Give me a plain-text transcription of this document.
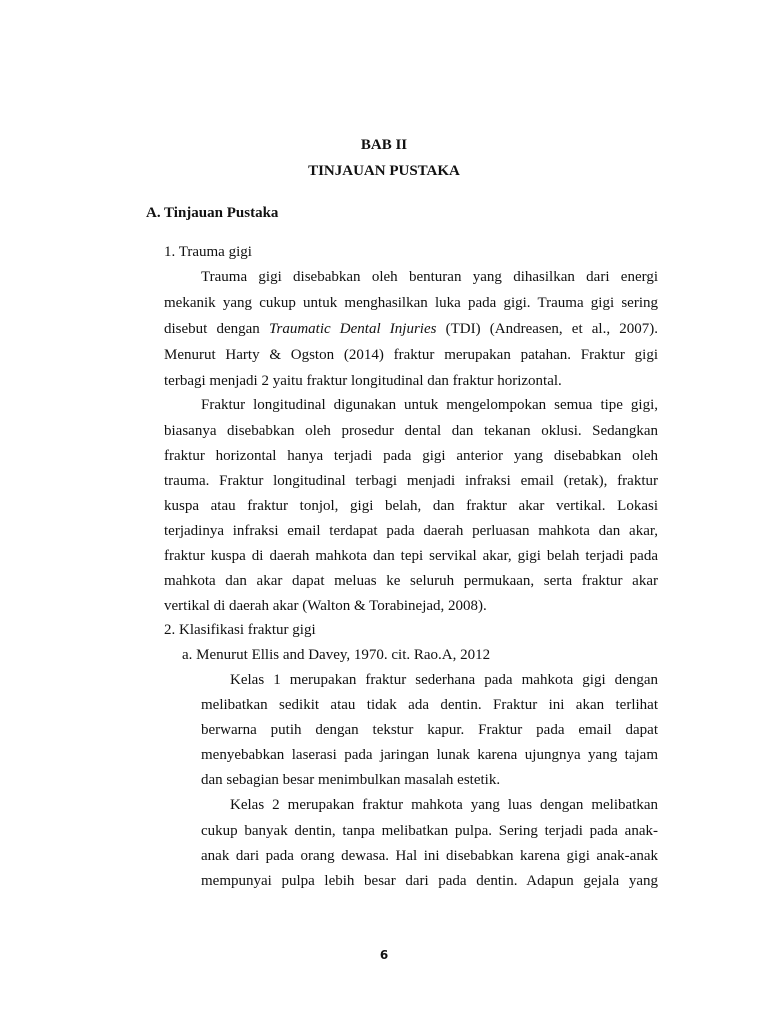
BAB II
TINJAUAN PUSTAKA
A. Tinjauan Pustaka
1. Trauma gigi
Trauma gigi disebabkan oleh benturan yang dihasilkan dari energi
mekanik yang cukup untuk menghasilkan luka pada gigi. Trauma gigi sering
disebut dengan Traumatic Dental Injuries (TDI) (Andreasen, et al., 2007).
Menurut Harty & Ogston (2014) fraktur merupakan patahan. Fraktur gigi
terbagi menjadi 2 yaitu fraktur longitudinal dan fraktur horizontal.
Fraktur longitudinal digunakan untuk mengelompokan semua tipe gigi,
biasanya disebabkan oleh prosedur dental dan tekanan oklusi. Sedangkan
fraktur horizontal hanya terjadi pada gigi anterior yang disebabkan oleh
trauma. Fraktur longitudinal terbagi menjadi infraksi email (retak), fraktur
kuspa atau fraktur tonjol, gigi belah, dan fraktur akar vertikal. Lokasi
terjadinya infraksi email terdapat pada daerah perluasan mahkota dan akar,
fraktur kuspa di daerah mahkota dan tepi servikal akar, gigi belah terjadi pada
mahkota dan akar dapat meluas ke seluruh permukaan, serta fraktur akar
vertikal di daerah akar (Walton & Torabinejad, 2008).
2. Klasifikasi fraktur gigi
a. Menurut Ellis and Davey, 1970. cit. Rao.A, 2012
Kelas 1 merupakan fraktur sederhana pada mahkota gigi dengan
melibatkan sedikit atau tidak ada dentin. Fraktur ini akan terlihat
berwarna putih dengan tekstur kapur. Fraktur pada email dapat
menyebabkan laserasi pada jaringan lunak karena ujungnya yang tajam
dan sebagian besar menimbulkan masalah estetik.
Kelas 2 merupakan fraktur mahkota yang luas dengan melibatkan
cukup banyak dentin, tanpa melibatkan pulpa. Sering terjadi pada anak-
anak dari pada orang dewasa. Hal ini disebabkan karena gigi anak-anak
mempunyai pulpa lebih besar dari pada dentin. Adapun gejala yang
6
